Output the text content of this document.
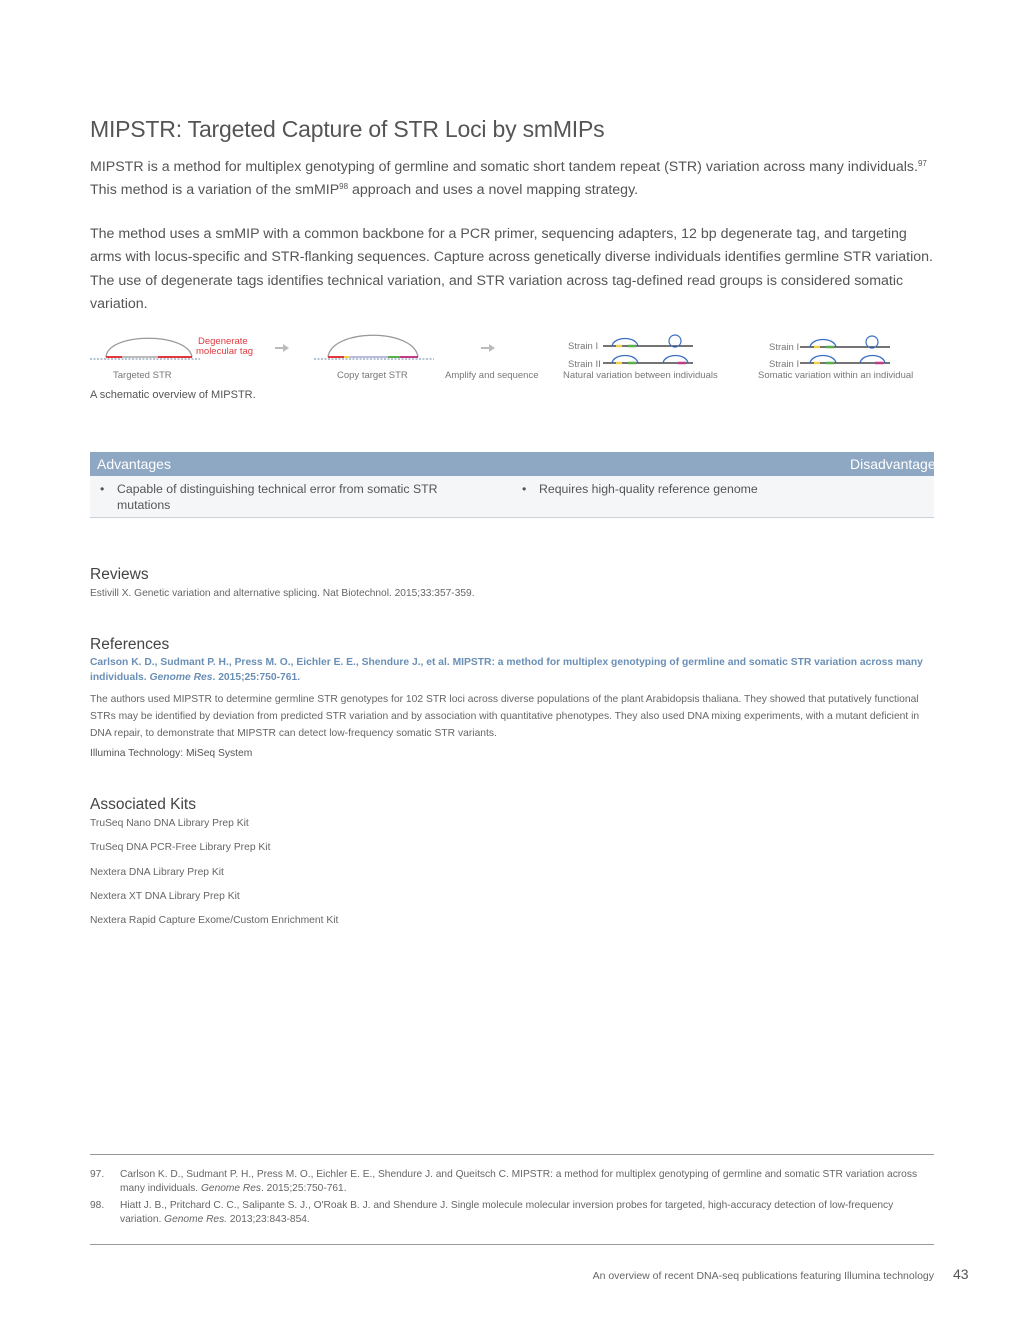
MIPSTR: Targeted Capture of STR Loci by smMIPs

MIPSTR is a method for multiplex genotyping of germline and somatic short tandem repeat (STR) variation across many individuals.$^{97}$ This method is a variation of the smMIP$^{98}$ approach and uses a novel mapping strategy.

The method uses a smMIP with a common backbone for a PCR primer, sequencing adapters, 12 bp degenerate tag, and targeting arms with locus-specific and STR-flanking sequences. Capture across genetically diverse individuals identifies germline STR variation. The use of degenerate tags identifies technical variation, and STR variation across tag-defined read groups is considered somatic variation.

Degenerate
molecular tag	Strain I
Strain II
Strain I
Strain I
Targeted STR	Copy target STR	Amplify and sequence	Natural variation between individuals	Somatic variation within an individual

A schematic overview of MIPSTR.

Advantages	Disadvantages
•	Capable of distinguishing technical error from somatic STR mutations
•	Requires high-quality reference genome
Reviews

Estivill X. Genetic variation and alternative splicing. Nat Biotechnol. 2015;33:357-359.

References

Carlson K. D., Sudmant P. H., Press M. O., Eichler E. E., Shendure J., et al. MIPSTR: a method for multiplex genotyping of germline and somatic STR variation across many individuals. Genome Res. 2015;25:750-761.

The authors used MIPSTR to determine germline STR genotypes for 102 STR loci across diverse populations of the plant Arabidopsis thaliana. They showed that putatively functional STRs may be identified by deviation from predicted STR variation and by association with quantitative phenotypes. They also used DNA mixing experiments, with a mutant deficient in DNA repair, to demonstrate that MIPSTR can detect low-frequency somatic STR variants.

Illumina Technology: MiSeq System

Associated Kits
TruSeq Nano DNA Library Prep Kit
TruSeq DNA PCR-Free Library Prep Kit
Nextera DNA Library Prep Kit
Nextera XT DNA Library Prep Kit
Nextera Rapid Capture Exome/Custom Enrichment Kit
97.	Carlson K. D., Sudmant P. H., Press M. O., Eichler E. E., Shendure J. and Queitsch C. MIPSTR: a method for multiplex genotyping of germline and somatic STR variation across many individuals. Genome Res. 2015;25:750-761.
98.	Hiatt J. B., Pritchard C. C., Salipante S. J., O'Roak B. J. and Shendure J. Single molecule molecular inversion probes for targeted, high-accuracy detection of low-frequency variation. Genome Res. 2013;23:843-854.
An overview of recent DNA-seq publications featuring Illumina technology 43
